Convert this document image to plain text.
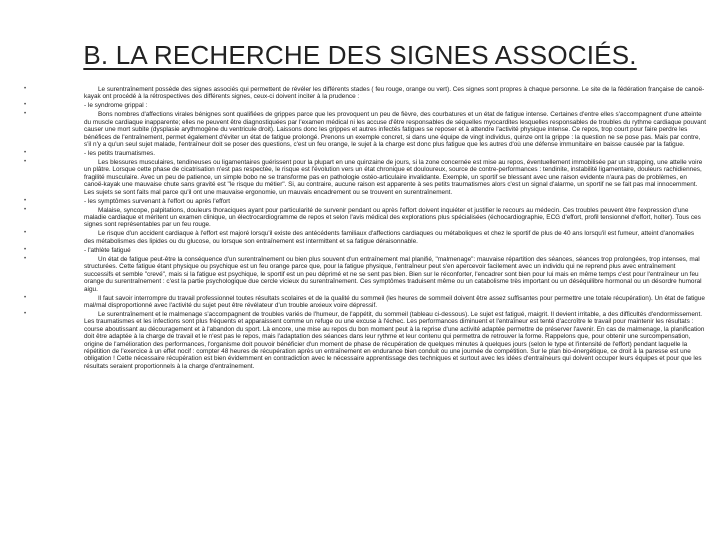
B. LA RECHERCHE DES SIGNES ASSOCIÉS.
• Le surentraînement possède des signes associés qui permettent de révéler les différents stades ( feu rouge, orange ou vert). Ces signes sont propres à chaque personne. Le site de la fédération française de canoë-kayak ont procédé à la rétrospectives des différents signes, ceux-ci doivent inciter à la prudence :
• - le syndrome grippal :
• Bons nombres d'affections virales bénignes sont qualifiées de grippes parce que les provoquent un peu de fièvre, des courbatures et un état de fatigue intense. Certaines d'entre elles s'accompagnent d'une atteinte du muscle cardiaque inapparente; elles ne peuvent être diagnostiquées par l'examen médical ni les accuse d'être responsables de séquelles myocardites lesquelles responsables de troubles du rythme cardiaque pouvant causer une mort subite (dysplasie arythmogène du ventricule droit). Laissons donc les grippes et autres infectés fatigues se reposer et à attendre l'activité physique intense. Ce repos, trop court pour faire perdre les bénéfices de l'entraînement, permet également d'éviter un état de fatigue prolongé. Prenons un exemple concret, si dans une équipe de vingt individus, quinze ont la grippe : la question ne se pose pas. Mais par contre, s'il n'y a qu'un seul sujet malade, l'entraîneur doit se poser des questions, c'est un feu orange, le sujet à la charge est donc plus fatigue que les autres d'où une défense immunitaire en baisse causée par la fatigue.
• - les petits traumatismes.
• Les blessures musculaires, tendineuses ou ligamentaires guérissent pour la plupart en une quinzaine de jours, si la zone concernée est mise au repos, éventuellement immobilisée par un strapping, une attelle voire un plâtre. Lorsque cette phase de cicatrisation n'est pas respectée, le risque est l'évolution vers un état chronique et douloureux, source de contre-performances : tendinite, instabilité ligamentaire, douleurs rachidiennes, fragilité musculaire. Avec un peu de patience, un simple bobo ne se transforme pas en pathologie ostéo-articulaire invalidante. Exemple, un sportif se blessant avec une raison evidente n'aura pas de problèmes, en canoë-kayak une mauvaise chute sans gravité est "le risque du métier". Si, au contraire, aucune raison est apparente à ses petits traumatismes alors c'est un signal d'alarme, un sportif ne se fait pas mal innocemment. Les sujets se sont faits mal parce qu'il ont une mauvaise ergonomie, un mauvais encadrement ou se trouvent en surentraînement.
• - les symptômes survenant à l'effort ou après l'effort
• Malaise, syncope, palpitations, douleurs thoraciques ayant pour particularité de survenir pendant ou après l'effort doivent inquiéter et justifier le recours au médecin. Ces troubles peuvent être l'expression d'une maladie cardiaque et méritent un examen clinique, un électrocardiogramme de repos et selon l'avis médical des explorations plus spécialisées (échocardiographie, ECG d'effort, profil tensionnel d'effort, holter). Tous ces signes sont représentables par un feu rouge.
• Le risque d'un accident cardiaque à l'effort est majoré lorsqu'il existe des antécédents familiaux d'affections cardiaques ou métaboliques et chez le sportif de plus de 40 ans lorsqu'il est fumeur, atteint d'anomalies des métabolismes des lipides ou du glucose, ou lorsque son entraînement est intermittent et sa fatigue déraisonnable.
• - l'athlète fatigué
• Un état de fatigue peut-être la conséquence d'un surentraînement ou bien plus souvent d'un entraînement mal planifié, "malmenage": mauvaise répartition des séances, séances trop prolongées, trop intenses, mal structurées. Cette fatigue étant physique ou psychique est un feu orange parce que, pour la fatigue physique, l'entraîneur peut s'en apercevoir facilement avec un individu qui ne reprend plus avec entraînement successifs et semble "crevé", mais si la fatigue est psychique, le sportif est un peu déprimé et ne se sent pas bien. Bien sur le réconforter, l'encadrer sont bien pour lui mais en même temps c'est pour l'entraîneur un feu orange du surentraînement : c'est la partie psychologique due cercle vicieux du surentraînement. Ces symptômes traduisent même ou un catabolisme très important ou un déséquilibre hormonal ou un désordre humoral aigu.
• Il faut savoir interrompre du travail professionnel toutes résultats scolaires et de la qualité du sommeil (les heures de sommeil doivent être assez suffisantes pour permettre une totale récupération). Un état de fatigue mal/mal disproportionné avec l'activité du sujet peut être révélateur d'un trouble anxieux voire dépressif.
• Le surentraînement et le malmenage s'accompagnent de troubles variés de l'humeur, de l'appétit, du sommeil (tableau ci-dessous). Le sujet est fatigué, maigrit. Il devient irritable, a des difficultés d'endormissement. Les traumatismes et les infections sont plus fréquents et apparaissent comme un refuge ou une excuse à l'échec. Les performances diminuent et l'entraîneur est tenté d'accroître le travail pour maintenir les résultats : course aboutissant au découragement et à l'abandon du sport. Là encore, une mise au repos du bon moment peut à la reprise d'une activité adaptée permettre de préserver l'avenir. En cas de malmenage, la planification doit être adaptée à la charge de travail et le n'est pas le repos, mais l'adaptation des séances dans leur rythme et leur contenu qui permettra de retrouver la forme. Rappelons que, pour obtenir une surcompensation, origine de l'amélioration des performances, l'organisme doit pouvoir bénéficier d'un moment de phase de récupération de quelques minutes à quelques jours (selon le type et l'intensité de l'effort) pendant laquelle la répétition de l'exercice à un effet nocif : compter 48 heures de récupération après un entraînement en endurance bien conduit ou une journée de compétition. Sur le plan bio-énergétique, ce droit à la paresse est une obligation ! Cette nécessaire récupération est bien évidemment en contradiction avec le nécessaire apprentissage des techniques et surtout avec les idées d'entraîneurs qui doivent occuper leurs équipes et pour que les résultats seraient proportionnels à la charge d'entraînement.
